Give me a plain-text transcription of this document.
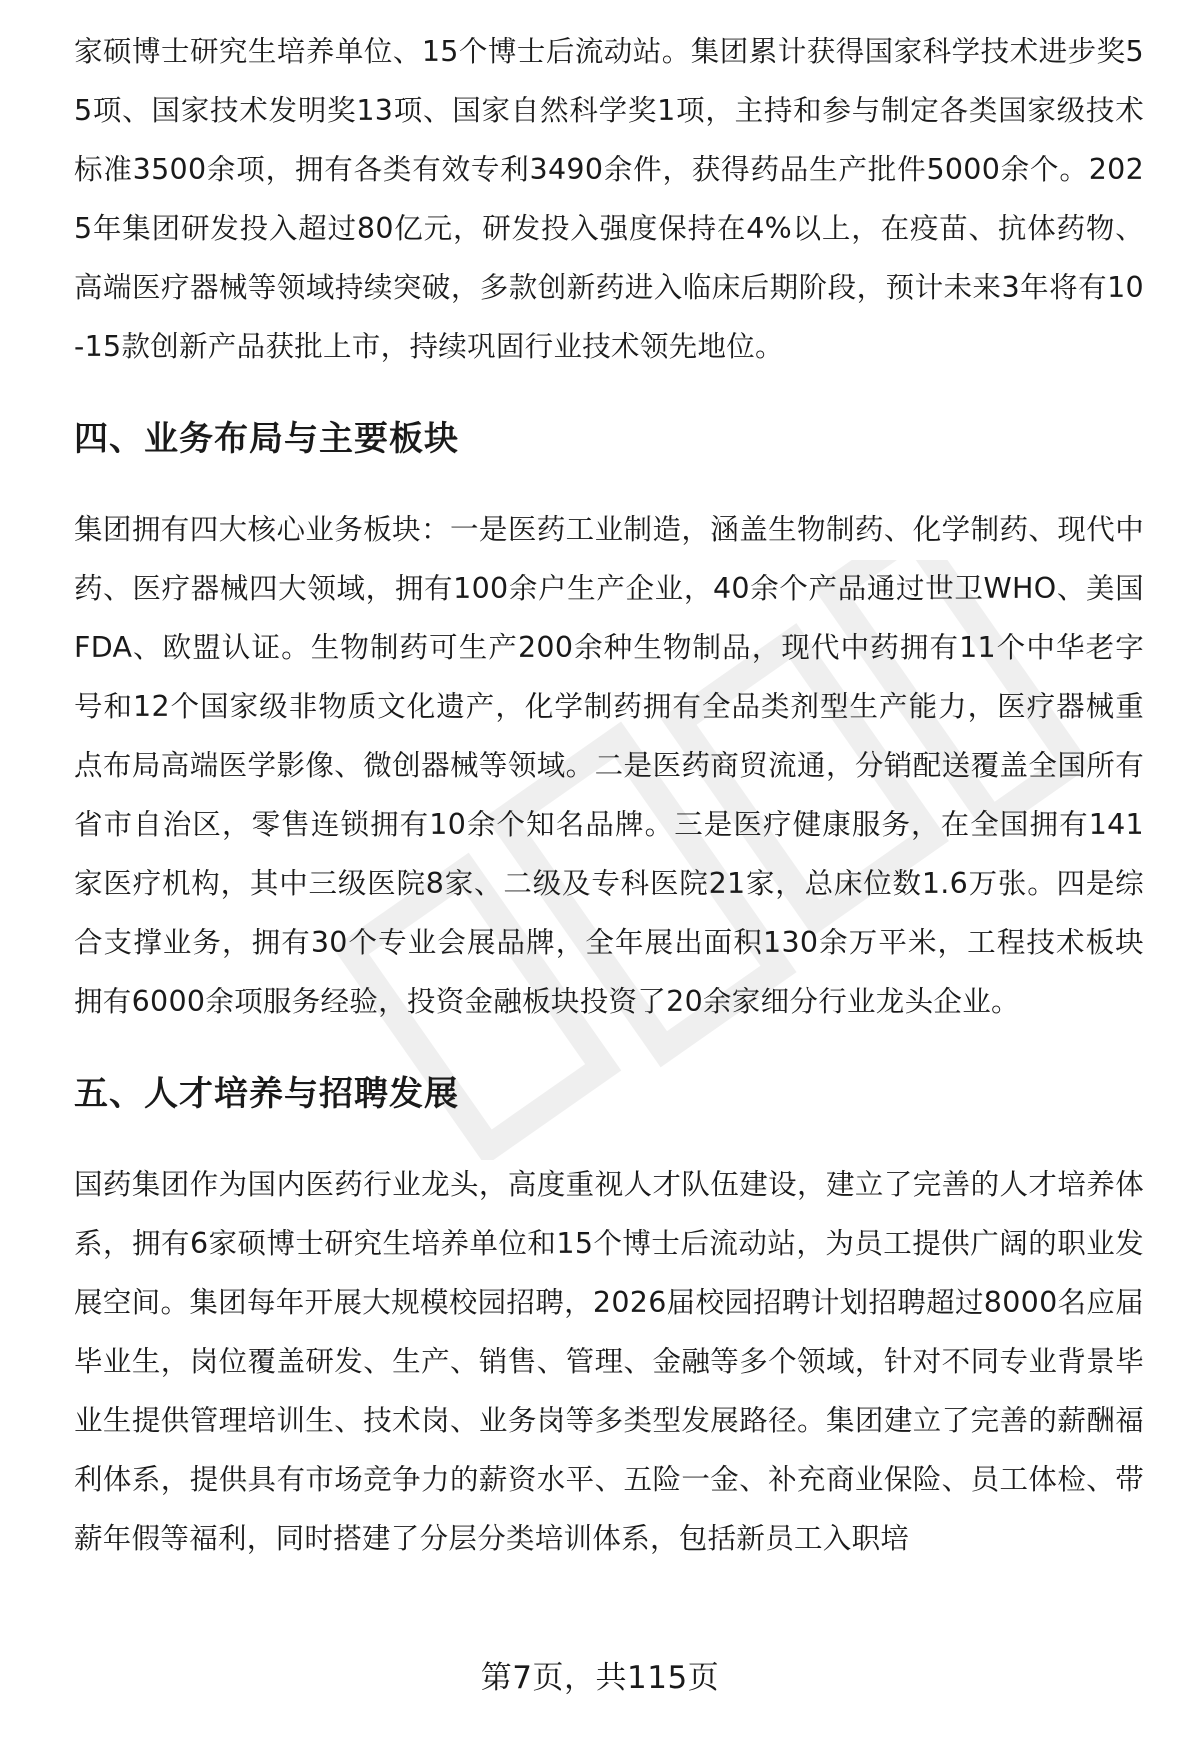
家硕博士研究生培养单位、15个博士后流动站。集团累计获得国家科学技术进步奖55项、国家技术发明奖13项、国家自然科学奖1项，主持和参与制定各类国家级技术标准3500余项，拥有各类有效专利3490余件，获得药品生产批件5000余个。2025年集团研发投入超过80亿元，研发投入强度保持在4%以上，在疫苗、抗体药物、高端医疗器械等领域持续突破，多款创新药进入临床后期阶段，预计未来3年将有10-15款创新产品获批上市，持续巩固行业技术领先地位。

四、业务布局与主要板块

集团拥有四大核心业务板块：一是医药工业制造，涵盖生物制药、化学制药、现代中药、医疗器械四大领域，拥有100余户生产企业，40余个产品通过世卫WHO、美国FDA、欧盟认证。生物制药可生产200余种生物制品，现代中药拥有11个中华老字号和12个国家级非物质文化遗产，化学制药拥有全品类剂型生产能力，医疗器械重点布局高端医学影像、微创器械等领域。二是医药商贸流通，分销配送覆盖全国所有省市自治区，零售连锁拥有10余个知名品牌。三是医疗健康服务，在全国拥有141家医疗机构，其中三级医院8家、二级及专科医院21家，总床位数1.6万张。四是综合支撑业务，拥有30个专业会展品牌，全年展出面积130余万平米，工程技术板块拥有6000余项服务经验，投资金融板块投资了20余家细分行业龙头企业。

五、人才培养与招聘发展

国药集团作为国内医药行业龙头，高度重视人才队伍建设，建立了完善的人才培养体系，拥有6家硕博士研究生培养单位和15个博士后流动站，为员工提供广阔的职业发展空间。集团每年开展大规模校园招聘，2026届校园招聘计划招聘超过8000名应届毕业生，岗位覆盖研发、生产、销售、管理、金融等多个领域，针对不同专业背景毕业生提供管理培训生、技术岗、业务岗等多类型发展路径。集团建立了完善的薪酬福利体系，提供具有市场竞争力的薪资水平、五险一金、补充商业保险、员工体检、带薪年假等福利，同时搭建了分层分类培训体系，包括新员工入职培

第7页，共115页
